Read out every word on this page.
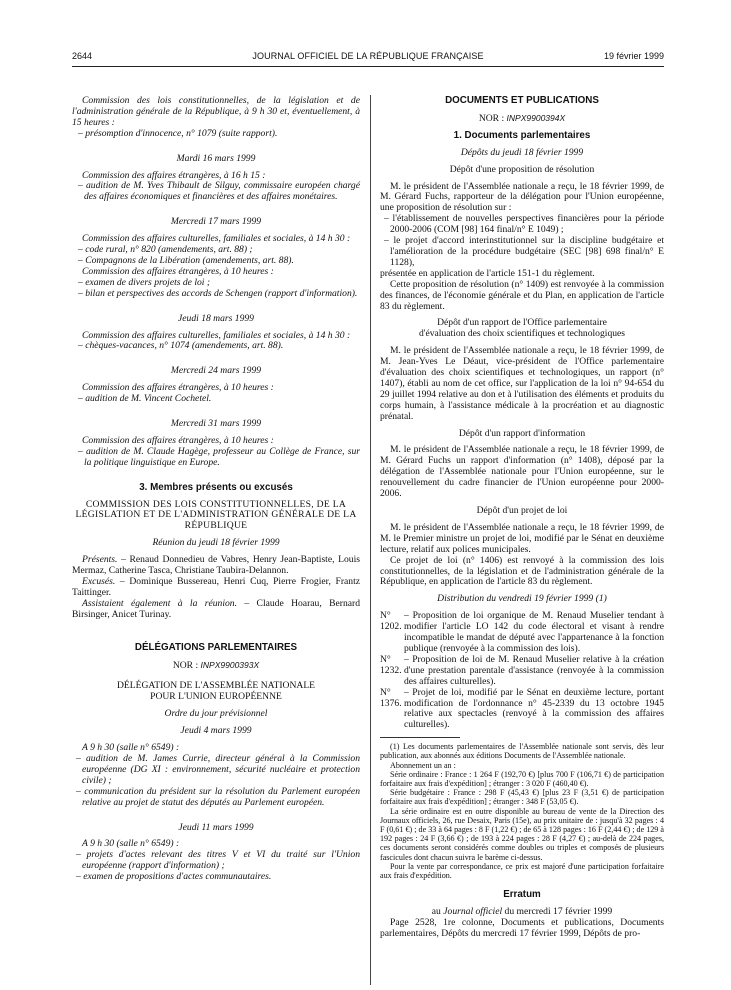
2644	JOURNAL OFFICIEL DE LA RÉPUBLIQUE FRANÇAISE	19 février 1999

Commission des lois constitutionnelles, de la législation et de l'administration générale de la République, à 9 h 30 et, éventuellement, à 15 heures :

– présomption d'innocence, n° 1079 (suite rapport).

Mardi 16 mars 1999

Commission des affaires étrangères, à 16 h 15 :

– audition de M. Yves Thibault de Silguy, commissaire européen chargé des affaires économiques et financières et des affaires monétaires.

Mercredi 17 mars 1999

Commission des affaires culturelles, familiales et sociales, à 14 h 30 :

– code rural, n° 820 (amendements, art. 88) ;

– Compagnons de la Libération (amendements, art. 88).

Commission des affaires étrangères, à 10 heures :

– examen de divers projets de loi ;

– bilan et perspectives des accords de Schengen (rapport d'information).

Jeudi 18 mars 1999

Commission des affaires culturelles, familiales et sociales, à 14 h 30 :

– chèques-vacances, n° 1074 (amendements, art. 88).

Mercredi 24 mars 1999

Commission des affaires étrangères, à 10 heures :

– audition de M. Vincent Cochetel.

Mercredi 31 mars 1999

Commission des affaires étrangères, à 10 heures :

– audition de M. Claude Hagège, professeur au Collège de France, sur la politique linguistique en Europe.

3. Membres présents ou excusés

COMMISSION DES LOIS CONSTITUTIONNELLES, DE LA LÉGISLATION ET DE L'ADMINISTRATION GÉNÉRALE DE LA RÉPUBLIQUE

Réunion du jeudi 18 février 1999

Présents. – Renaud Donnedieu de Vabres, Henry Jean-Baptiste, Louis Mermaz, Catherine Tasca, Christiane Taubira-Delannon.

Excusés. – Dominique Bussereau, Henri Cuq, Pierre Frogier, Frantz Taittinger.

Assistaient également à la réunion. – Claude Hoarau, Bernard Birsinger, Anicet Turinay.

DÉLÉGATIONS PARLEMENTAIRES

NOR : INPX9900393X

DÉLÉGATION DE L'ASSEMBLÉE NATIONALE

POUR L'UNION EUROPÉENNE

Ordre du jour prévisionnel

Jeudi 4 mars 1999

A 9 h 30 (salle n° 6549) :

– audition de M. James Currie, directeur général à la Commission européenne (DG XI : environnement, sécurité nucléaire et protection civile) ;

– communication du président sur la résolution du Parlement européen relative au projet de statut des députés au Parlement européen.

Jeudi 11 mars 1999

A 9 h 30 (salle n° 6549) :

– projets d'actes relevant des titres V et VI du traité sur l'Union européenne (rapport d'information) ;

– examen de propositions d'actes communautaires.

DOCUMENTS ET PUBLICATIONS

NOR : INPX9900394X

1. Documents parlementaires

Dépôts du jeudi 18 février 1999

Dépôt d'une proposition de résolution

M. le président de l'Assemblée nationale a reçu, le 18 février 1999, de M. Gérard Fuchs, rapporteur de la délégation pour l'Union européenne, une proposition de résolution sur :

– l'établissement de nouvelles perspectives financières pour la période 2000-2006 (COM [98] 164 final/n° E 1049) ;

– le projet d'accord interinstitutionnel sur la discipline budgétaire et l'amélioration de la procédure budgétaire (SEC [98] 698 final/n° E 1128),

présentée en application de l'article 151-1 du règlement.

Cette proposition de résolution (n° 1409) est renvoyée à la commission des finances, de l'économie générale et du Plan, en application de l'article 83 du règlement.

Dépôt d'un rapport de l'Office parlementaire

d'évaluation des choix scientifiques et technologiques

M. le président de l'Assemblée nationale a reçu, le 18 février 1999, de M. Jean-Yves Le Déaut, vice-président de l'Office parlementaire d'évaluation des choix scientifiques et technologiques, un rapport (n° 1407), établi au nom de cet office, sur l'application de la loi n° 94-654 du 29 juillet 1994 relative au don et à l'utilisation des éléments et produits du corps humain, à l'assistance médicale à la procréation et au diagnostic prénatal.

Dépôt d'un rapport d'information

M. le président de l'Assemblée nationale a reçu, le 18 février 1999, de M. Gérard Fuchs un rapport d'information (n° 1408), déposé par la délégation de l'Assemblée nationale pour l'Union européenne, sur le renouvellement du cadre financier de l'Union européenne pour 2000-2006.

Dépôt d'un projet de loi

M. le président de l'Assemblée nationale a reçu, le 18 février 1999, de M. le Premier ministre un projet de loi, modifié par le Sénat en deuxième lecture, relatif aux polices municipales.

Ce projet de loi (n° 1406) est renvoyé à la commission des lois constitutionnelles, de la législation et de l'administration générale de la République, en application de l'article 83 du règlement.

Distribution du vendredi 19 février 1999 (1)

N° 1202.
– Proposition de loi organique de M. Renaud Muselier tendant à modifier l'article LO 142 du code électoral et visant à rendre incompatible le mandat de député avec l'appartenance à la fonction publique (renvoyée à la commission des lois).
N° 1232.
– Proposition de loi de M. Renaud Muselier relative à la création d'une prestation parentale d'assistance (renvoyée à la commission des affaires culturelles).
N° 1376.
– Projet de loi, modifié par le Sénat en deuxième lecture, portant modification de l'ordonnance n° 45-2339 du 13 octobre 1945 relative aux spectacles (renvoyé à la commission des affaires culturelles).

(1) Les documents parlementaires de l'Assemblée nationale sont servis, dès leur publication, aux abonnés aux éditions Documents de l'Assemblée nationale.

Abonnement un an :

Série ordinaire : France : 1 264 F (192,70 €) [plus 700 F (106,71 €) de participation forfaitaire aux frais d'expédition] ; étranger : 3 020 F (460,40 €).

Série budgétaire : France : 298 F (45,43 €) [plus 23 F (3,51 €) de participation forfaitaire aux frais d'expédition] ; étranger : 348 F (53,05 €).

La série ordinaire est en outre disponible au bureau de vente de la Direction des Journaux officiels, 26, rue Desaix, Paris (15e), au prix unitaire de : jusqu'à 32 pages : 4 F (0,61 €) ; de 33 à 64 pages : 8 F (1,22 €) ; de 65 à 128 pages : 16 F (2,44 €) ; de 129 à 192 pages : 24 F (3,66 €) ; de 193 à 224 pages : 28 F (4,27 €) ; au-delà de 224 pages, ces documents seront considérés comme doubles ou triples et composés de plusieurs fascicules dont chacun suivra le barème ci-dessus.

Pour la vente par correspondance, ce prix est majoré d'une participation forfaitaire aux frais d'expédition.

Erratum

au Journal officiel du mercredi 17 février 1999

Page 2528, 1re colonne, Documents et publications, Documents parlementaires, Dépôts du mercredi 17 février 1999, Dépôts de pro-
